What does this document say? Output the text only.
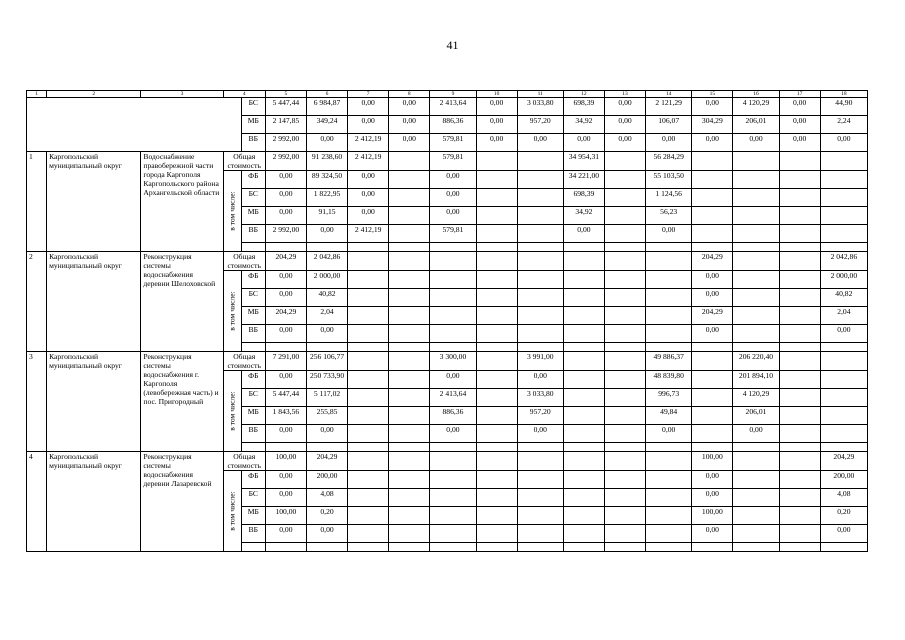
41
1	2	3	4		5	6	7	8	9	10	11	12	13	14	15	16	17	18
				БС	5 447,44	6 984,87	0,00	0,00	2 413,64	0,00	3 033,80	698,39	0,00	2 121,29	0,00	4 120,29	0,00	44,90
				МБ	2 147,85	349,24	0,00	0,00	886,36	0,00	957,20	34,92	0,00	106,07	304,29	206,01	0,00	2,24
				ВБ	2 992,00	0,00	2 412,19	0,00	579,81	0,00	0,00	0,00	0,00	0,00	0,00	0,00	0,00	0,00
1	Каргопольский муниципальный округ	Водоснабжение правобережной части города Каргополя Каргопольского района Архангельской области	Общая стоимость		2 992,00	91 238,60	2 412,19		579,81			34 954,31		56 284,29				

			в том числе:	ФБ	0,00	89 324,50	0,00		0,00			34 221,00		55 103,50				
				БС	0,00	1 822,95	0,00		0,00			698,39		1 124,56				
				МБ	0,00	91,15	0,00		0,00			34,92		56,23				
				ВБ	2 992,00	0,00	2 412,19		579,81			0,00		0,00				

2	Каргопольский муниципальный округ	Реконструкция системы водоснабжения деревни Шелоховской	Общая стоимость		204,29	2 042,86									204,29			2 042,86

			в том числе:	ФБ	0,00	2 000,00									0,00			2 000,00
				БС	0,00	40,82									0,00			40,82
				МБ	204,29	2,04									204,29			2,04
				ВБ	0,00	0,00									0,00			0,00

3	Каргопольский муниципальный округ	Реконструкция системы водоснабжения г. Каргополя (левобережная часть) и пос. Пригородный	Общая стоимость		7 291,00	256 106,77			3 300,00		3 991,00			49 886,37		206 220,40		

			в том числе:	ФБ	0,00	250 733,90			0,00		0,00			48 839,80		201 894,10		
				БС	5 447,44	5 117,02			2 413,64		3 033,80			996,73		4 120,29		
				МБ	1 843,56	255,85			886,36		957,20			49,84		206,01		
				ВБ	0,00	0,00			0,00		0,00			0,00		0,00		

4	Каргопольский муниципальный округ	Реконструкция системы водоснабжения деревни Лазаревской	Общая стоимость		100,00	204,29									100,00			204,29

			в том числе:	ФБ	0,00	200,00									0,00			200,00
				БС	0,00	4,08									0,00			4,08
				МБ	100,00	0,20									100,00			0,20
				ВБ	0,00	0,00									0,00			0,00
